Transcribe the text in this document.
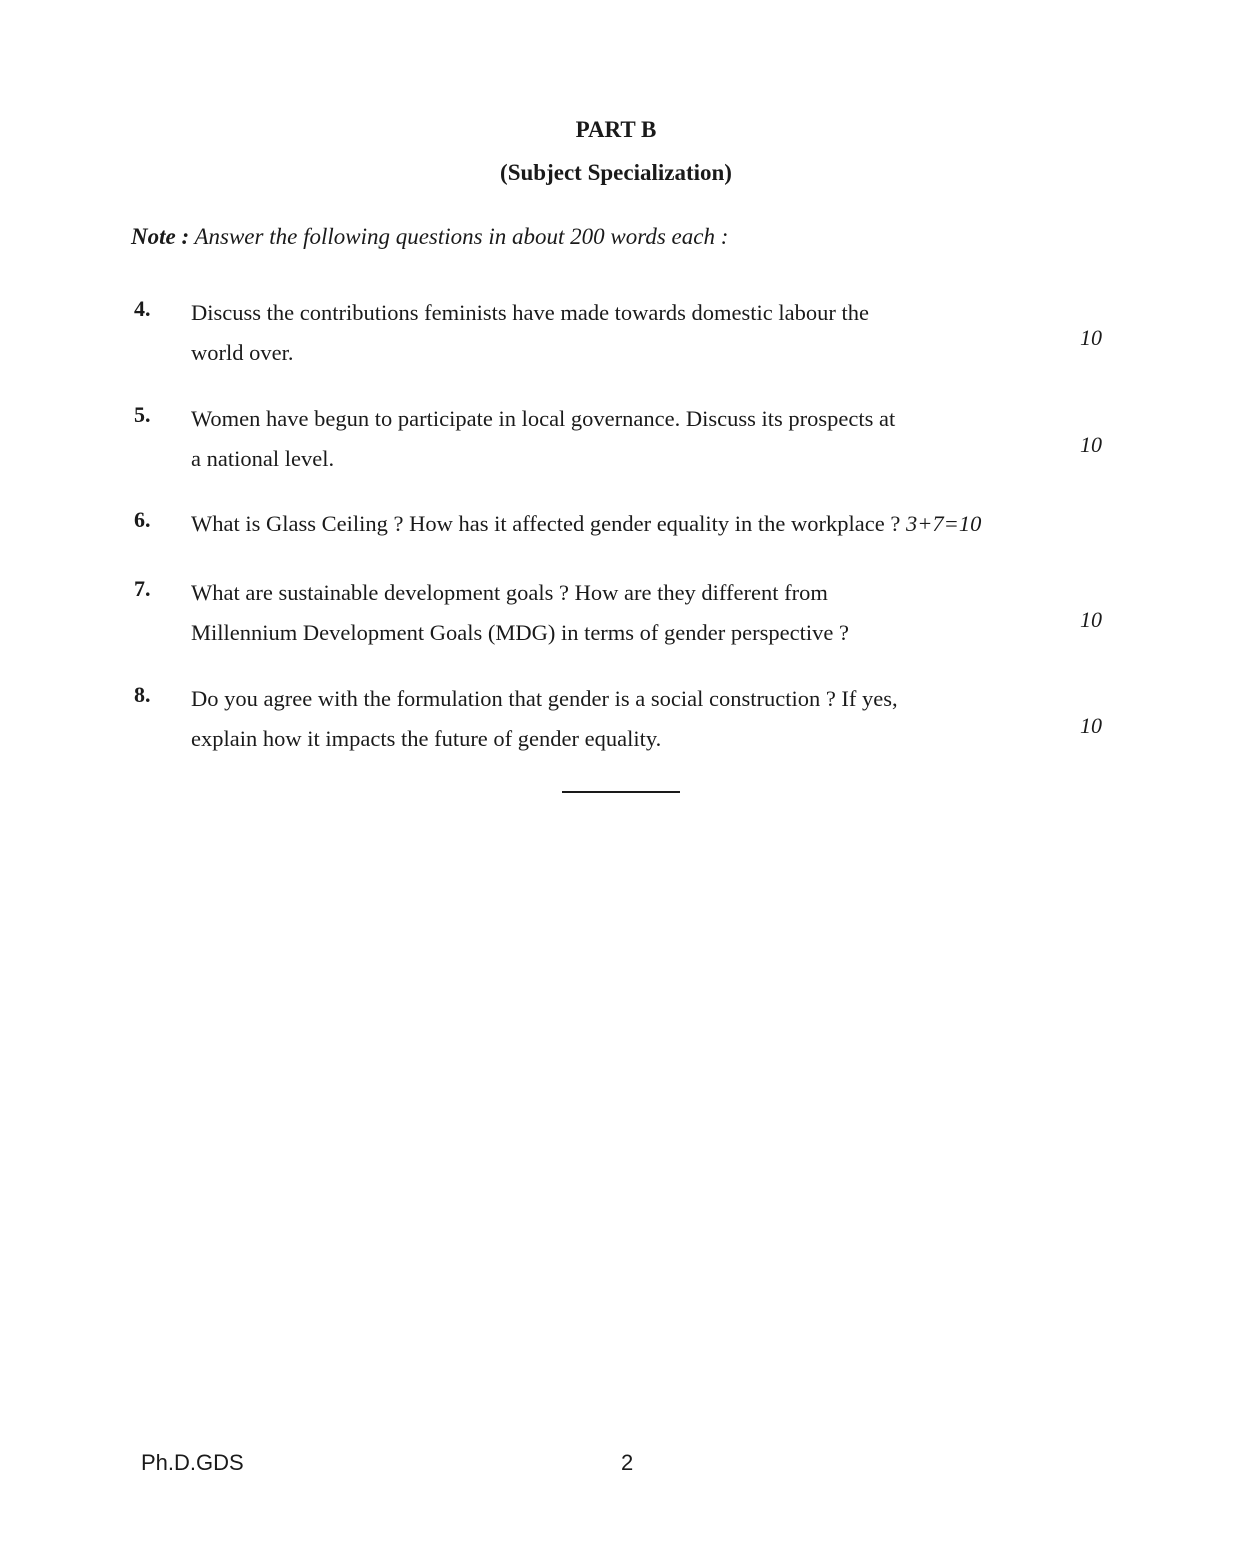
PART B
(Subject Specialization)
Note : Answer the following questions in about 200 words each :
4. Discuss the contributions feminists have made towards domestic labour the
world over.
10
5. Women have begun to participate in local governance. Discuss its prospects at
a national level.
10
6. What is Glass Ceiling ? How has it affected gender equality in the workplace ? 3+7=10
7. What are sustainable development goals ? How are they different from
Millennium Development Goals (MDG) in terms of gender perspective ?
10
8. Do you agree with the formulation that gender is a social construction ? If yes,
explain how it impacts the future of gender equality.
10
Ph.D.GDS	2
